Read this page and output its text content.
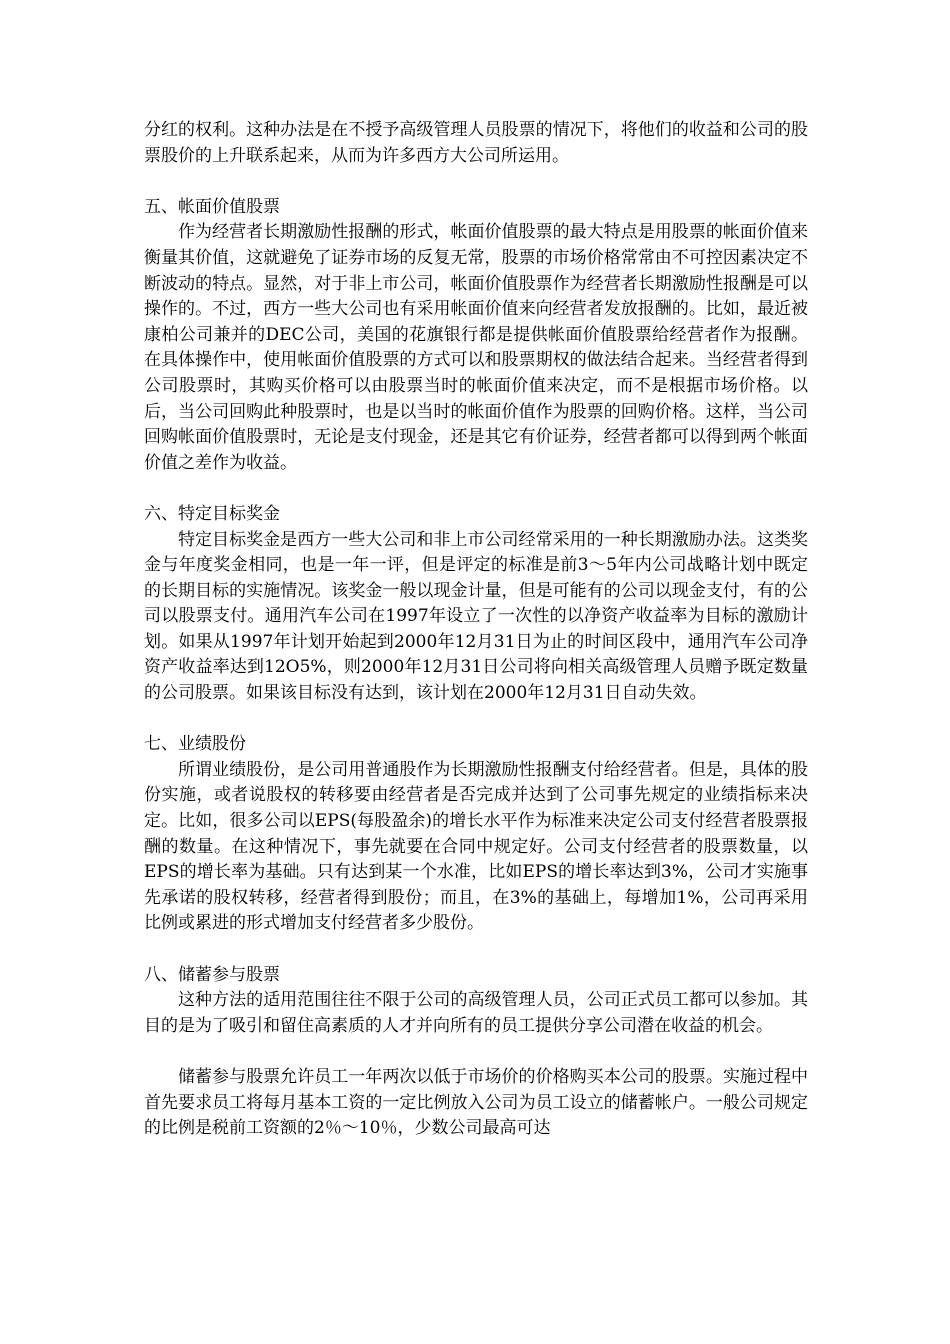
分红的权利。这种办法是在不授予高级管理人员股票的情况下，将他们的收益和公司的股票股价的上升联系起来，从而为许多西方大公司所运用。

五、帐面价值股票

作为经营者长期激励性报酬的形式，帐面价值股票的最大特点是用股票的帐面价值来衡量其价值，这就避免了证券市场的反复无常，股票的市场价格常常由不可控因素决定不断波动的特点。显然，对于非上市公司，帐面价值股票作为经营者长期激励性报酬是可以操作的。不过，西方一些大公司也有采用帐面价值来向经营者发放报酬的。比如，最近被康柏公司兼并的DEC公司，美国的花旗银行都是提供帐面价值股票给经营者作为报酬。在具体操作中，使用帐面价值股票的方式可以和股票期权的做法结合起来。当经营者得到公司股票时，其购买价格可以由股票当时的帐面价值来决定，而不是根据市场价格。以后，当公司回购此种股票时，也是以当时的帐面价值作为股票的回购价格。这样，当公司回购帐面价值股票时，无论是支付现金，还是其它有价证券，经营者都可以得到两个帐面价值之差作为收益。

六、特定目标奖金

特定目标奖金是西方一些大公司和非上市公司经常采用的一种长期激励办法。这类奖金与年度奖金相同，也是一年一评，但是评定的标准是前3～5年内公司战略计划中既定的长期目标的实施情况。该奖金一般以现金计量，但是可能有的公司以现金支付，有的公司以股票支付。通用汽车公司在1997年设立了一次性的以净资产收益率为目标的激励计划。如果从1997年计划开始起到2000年12月31日为止的时间区段中，通用汽车公司净资产收益率达到12O5%，则2000年12月31日公司将向相关高级管理人员赠予既定数量的公司股票。如果该目标没有达到，该计划在2000年12月31日自动失效。

七、业绩股份

所谓业绩股份，是公司用普通股作为长期激励性报酬支付给经营者。但是，具体的股份实施，或者说股权的转移要由经营者是否完成并达到了公司事先规定的业绩指标来决定。比如，很多公司以EPS(每股盈余)的增长水平作为标准来决定公司支付经营者股票报酬的数量。在这种情况下，事先就要在合同中规定好。公司支付经营者的股票数量，以EPS的增长率为基础。只有达到某一个水准，比如EPS的增长率达到3%，公司才实施事先承诺的股权转移，经营者得到股份；而且，在3%的基础上，每增加1%，公司再采用比例或累进的形式增加支付经营者多少股份。

八、储蓄参与股票

这种方法的适用范围往往不限于公司的高级管理人员，公司正式员工都可以参加。其目的是为了吸引和留住高素质的人才并向所有的员工提供分享公司潜在收益的机会。

储蓄参与股票允许员工一年两次以低于市场价的价格购买本公司的股票。实施过程中首先要求员工将每月基本工资的一定比例放入公司为员工设立的储蓄帐户。一般公司规定的比例是税前工资额的2％～10％，少数公司最高可达
